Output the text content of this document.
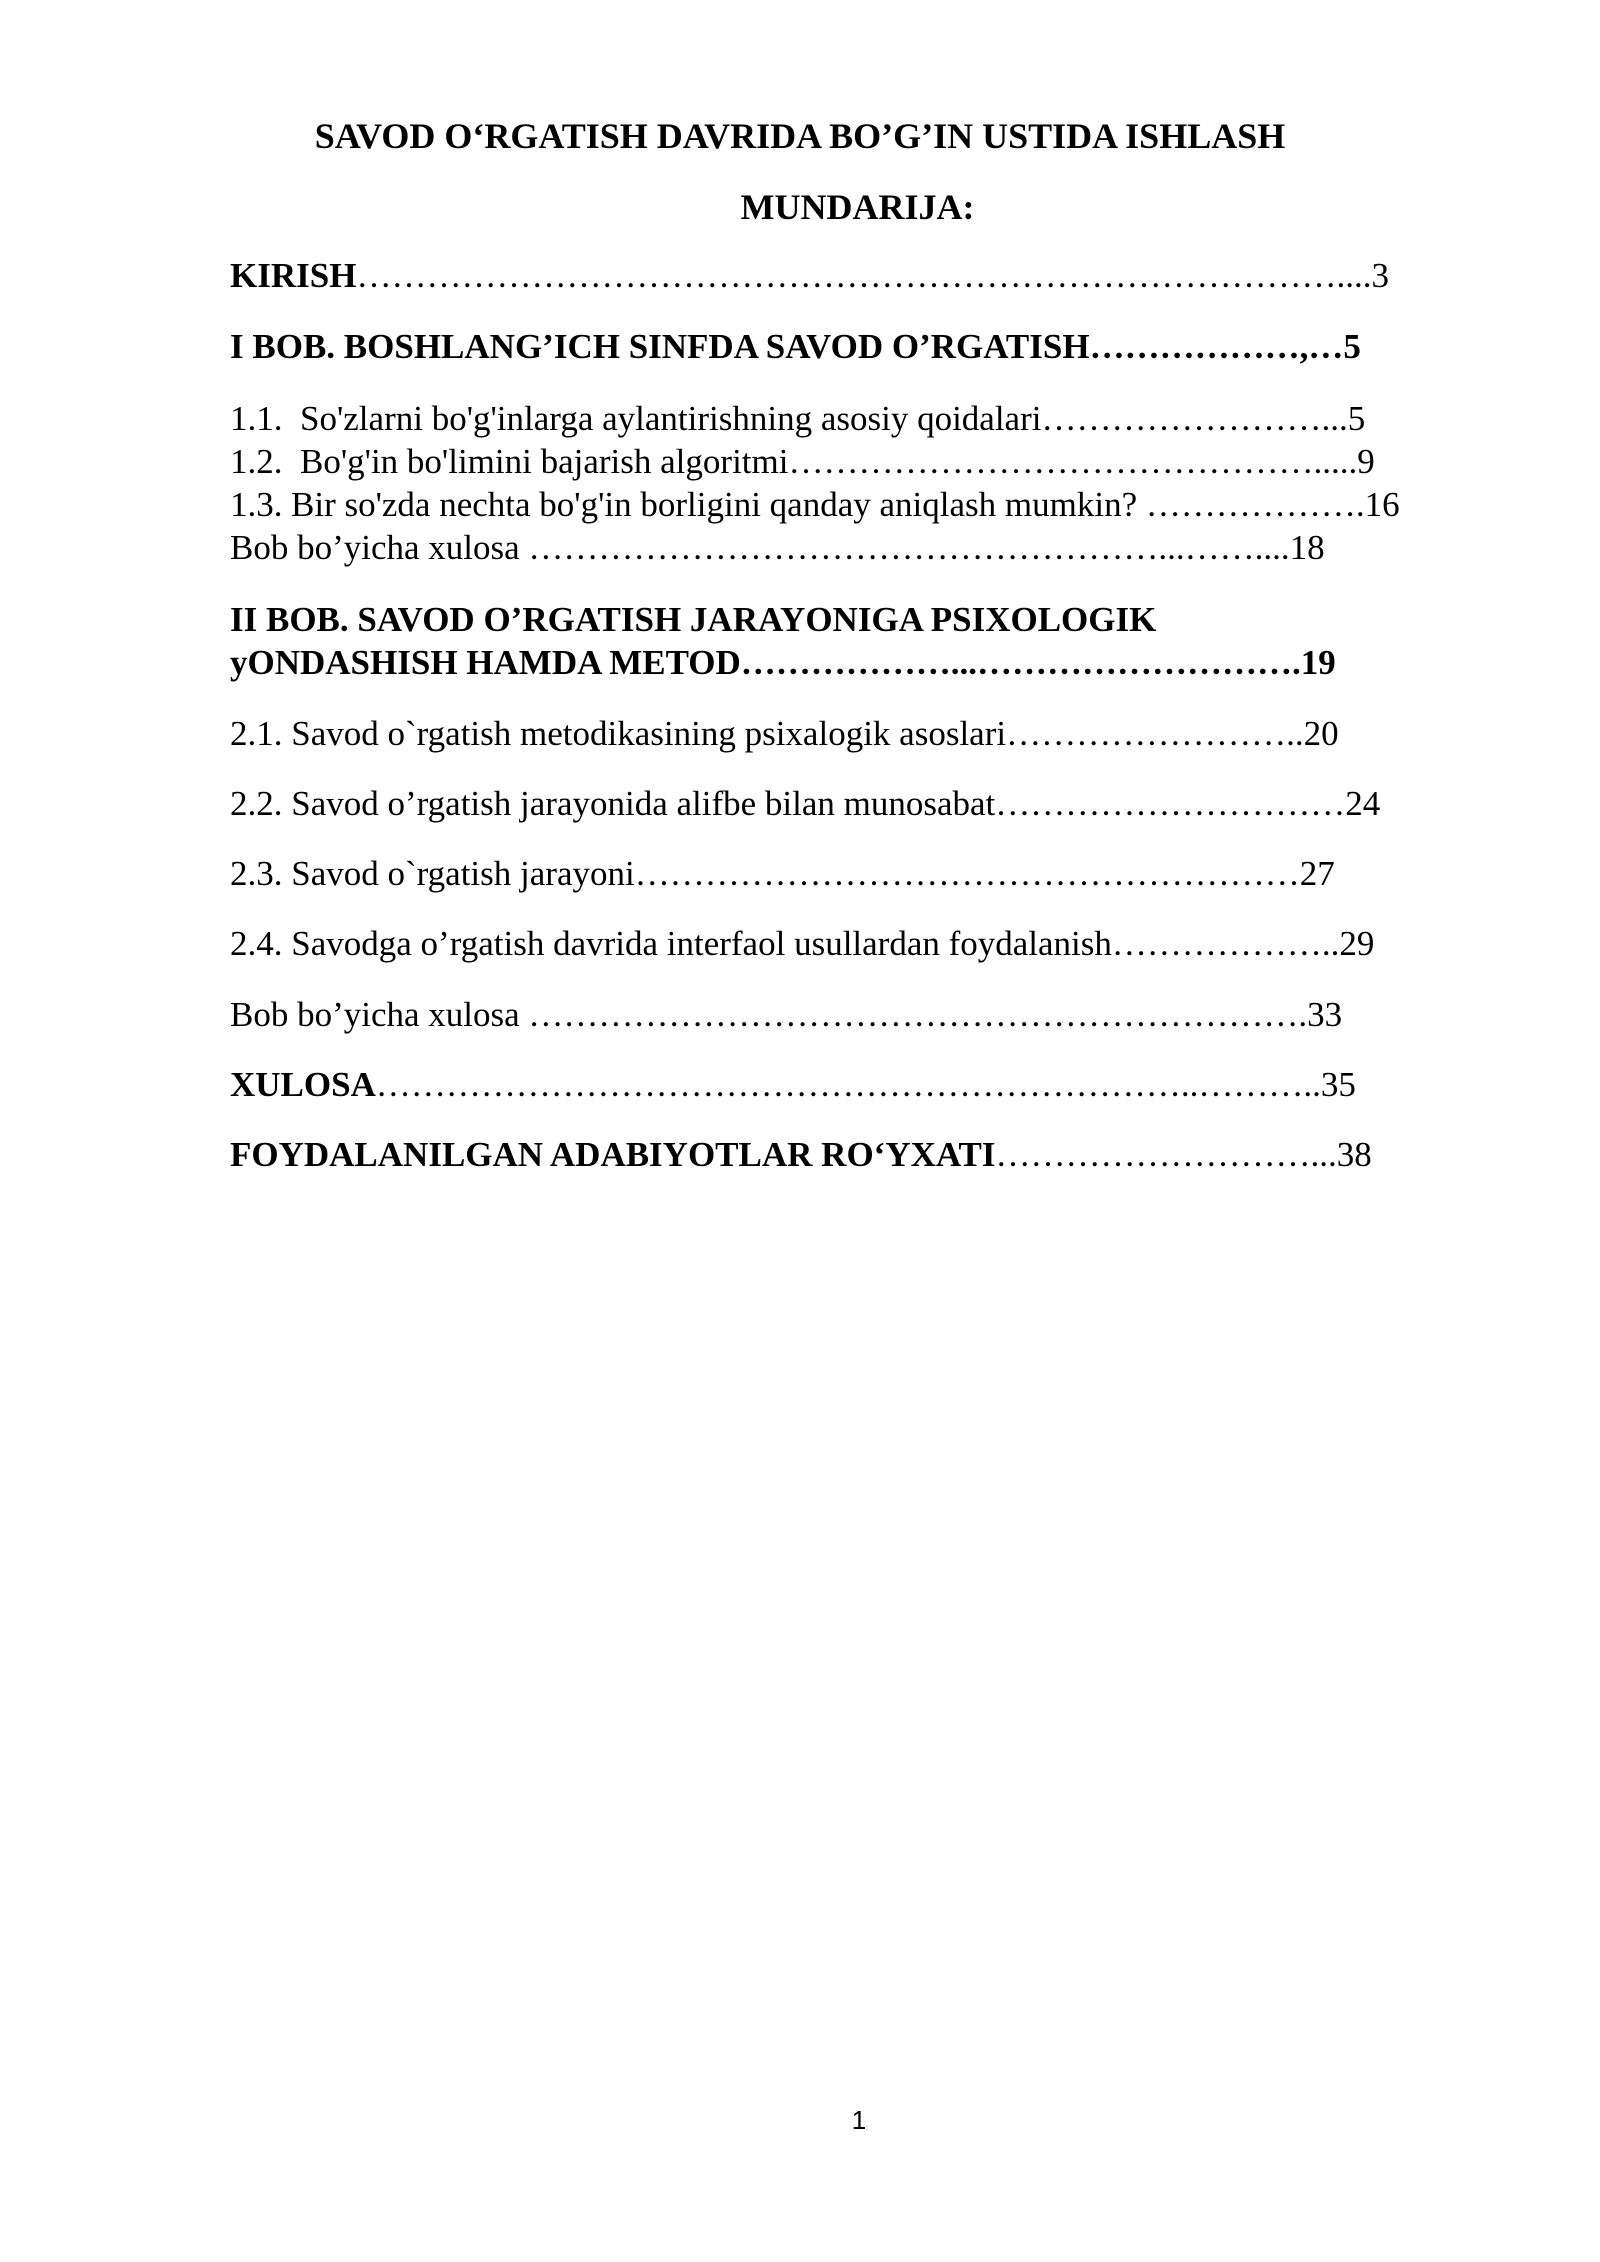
SAVOD O‘RGATISH DAVRIDA BO’G’IN USTIDA ISHLASH
MUNDARIJA:
KIRISH…………………………………………………………………………....3
I BOB. BOSHLANG’ICH SINFDA SAVOD O’RGATISH………………,…5
1.1. So'zlarni bo'g'inlarga aylantirishning asosiy qoidalari……………………...5
1.2. Bo'g'in bo'limini bajarish algoritmi……………………………………….....9
1.3. Bir so'zda nechta bo'g'in borligini qanday aniqlash mumkin? ……………….16
Bob bo’yicha xulosa ………………………………………………...……....18
II BOB. SAVOD O’RGATISH JARAYONIGA PSIXOLOGIK
yONDASHISH HAMDA METOD………………...……………………….19
2.1. Savod o`rgatish metodikasining psixalogik asoslari……………………..20
2.2. Savod o’rgatish jarayonida alifbe bilan munosabat…………………………24
2.3. Savod o`rgatish jarayoni…………………………………………………27
2.4. Savodga o’rgatish davrida interfaol usullardan foydalanish………………..29
Bob bo’yicha xulosa ………………………………………………………….33
XULOSA……………………………………………………………..………..35
FOYDALANILGAN ADABIYOTLAR RO‘YXATI………………………...38
1
